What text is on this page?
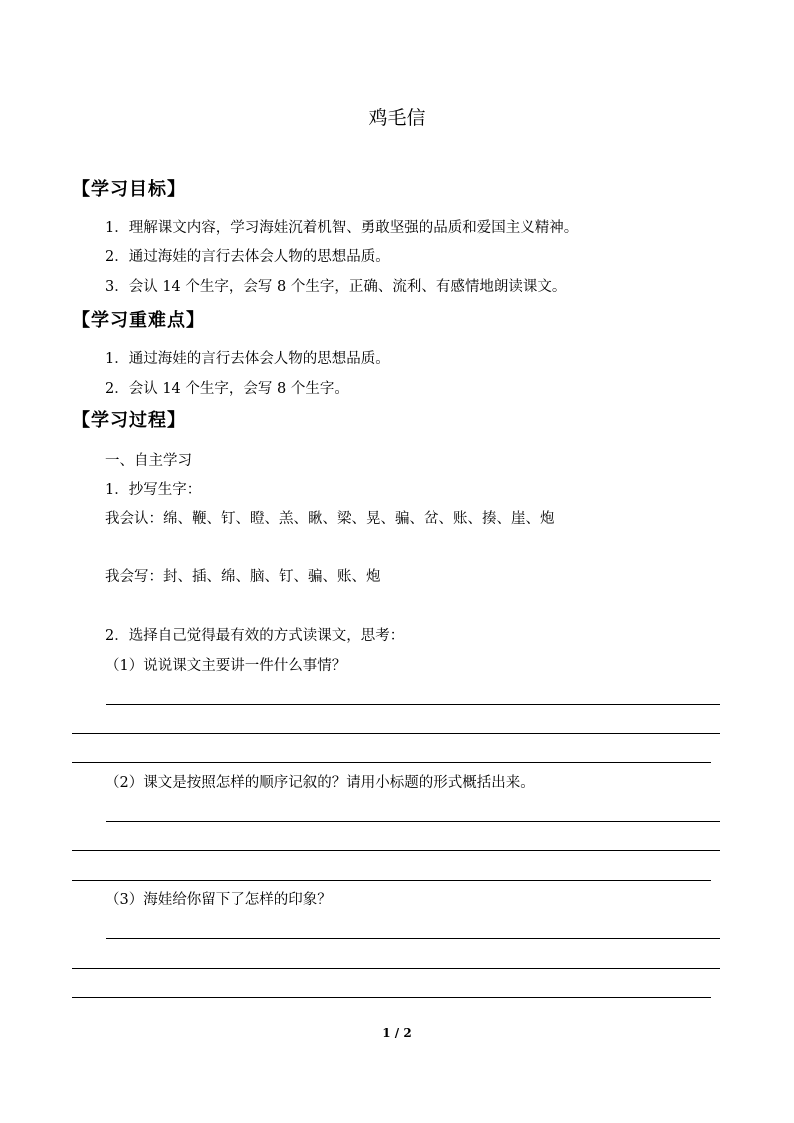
鸡毛信
【学习目标】
1．理解课文内容，学习海娃沉着机智、勇敢坚强的品质和爱国主义精神。
2．通过海娃的言行去体会人物的思想品质。
3．会认 14 个生字，会写 8 个生字，正确、流利、有感情地朗读课文。
【学习重难点】
1．通过海娃的言行去体会人物的思想品质。
2．会认 14 个生字，会写 8 个生字。
【学习过程】
一、自主学习
1．抄写生字：
我会认：绵、鞭、钉、瞪、羔、瞅、梁、晃、骗、岔、账、揍、崖、炮
我会写：封、插、绵、脑、钉、骗、账、炮
2．选择自己觉得最有效的方式读课文，思考：
（1）说说课文主要讲一件什么事情？
（2）课文是按照怎样的顺序记叙的？请用小标题的形式概括出来。
（3）海娃给你留下了怎样的印象？
1 / 2
